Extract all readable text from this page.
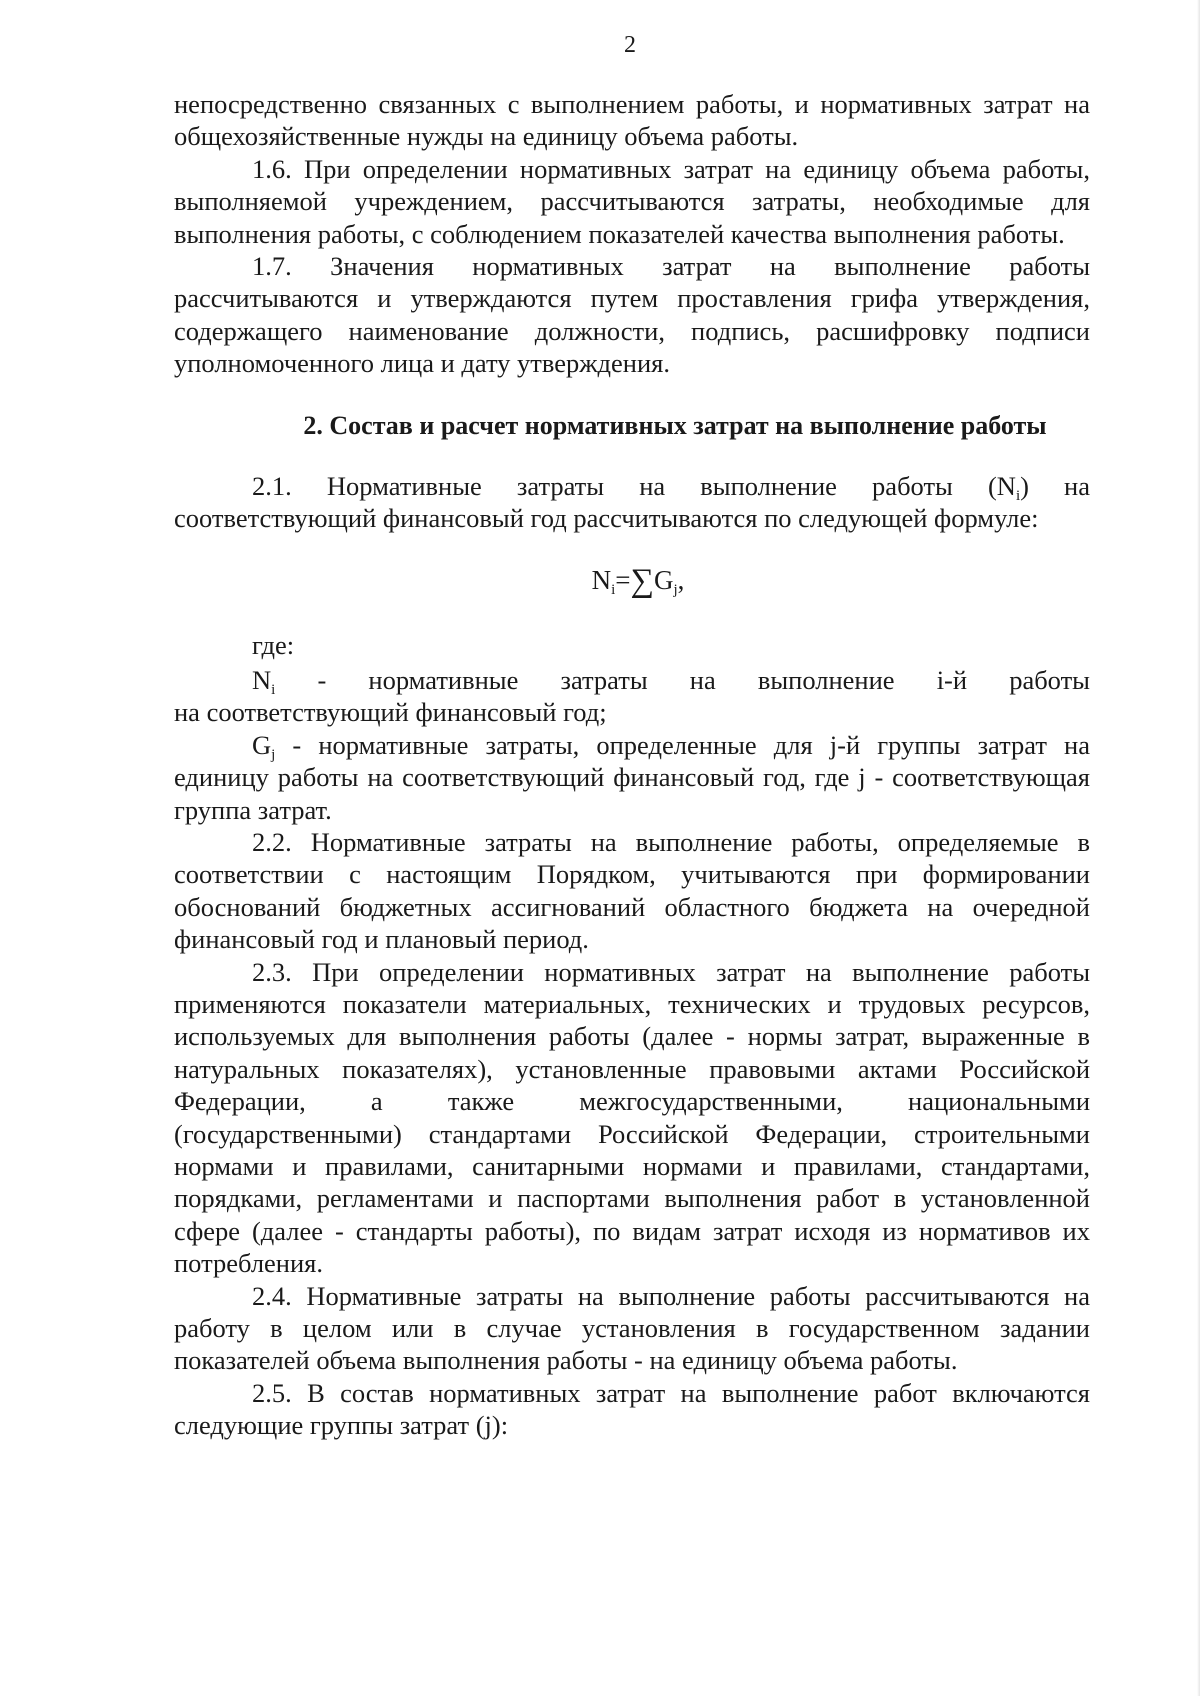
2

непосредственно связанных с выполнением работы, и нормативных затрат на общехозяйственные нужды на единицу объема работы.

1.6. При определении нормативных затрат на единицу объема работы, выполняемой учреждением, рассчитываются затраты, необходимые для выполнения работы, с соблюдением показателей качества выполнения работы.

1.7. Значения нормативных затрат на выполнение работы рассчитываются и утверждаются путем проставления грифа утверждения, содержащего наименование должности, подпись, расшифровку подписи уполномоченного лица и дату утверждения.

2. Состав и расчет нормативных затрат на выполнение работы

2.1. Нормативные затраты на выполнение работы $(N_i)$ на соответствующий финансовый год рассчитываются по следующей формуле:

$N_i=\sum G_j$,

где:

$N_i$ - нормативные затраты на выполнение i-й работы

на соответствующий финансовый год;

$G_j$ - нормативные затраты, определенные для j-й группы затрат на единицу работы на соответствующий финансовый год, где j - соответствующая группа затрат.

2.2. Нормативные затраты на выполнение работы, определяемые в соответствии с настоящим Порядком, учитываются при формировании обоснований бюджетных ассигнований областного бюджета на очередной финансовый год и плановый период.

2.3. При определении нормативных затрат на выполнение работы применяются показатели материальных, технических и трудовых ресурсов, используемых для выполнения работы (далее - нормы затрат, выраженные в натуральных показателях), установленные правовыми актами Российской Федерации, а также межгосударственными, национальными (государственными) стандартами Российской Федерации, строительными нормами и правилами, санитарными нормами и правилами, стандартами, порядками, регламентами и паспортами выполнения работ в установленной сфере (далее - стандарты работы), по видам затрат исходя из нормативов их потребления.

2.4. Нормативные затраты на выполнение работы рассчитываются на работу в целом или в случае установления в государственном задании показателей объема выполнения работы - на единицу объема работы.

2.5. В состав нормативных затрат на выполнение работ включаются следующие группы затрат (j):
